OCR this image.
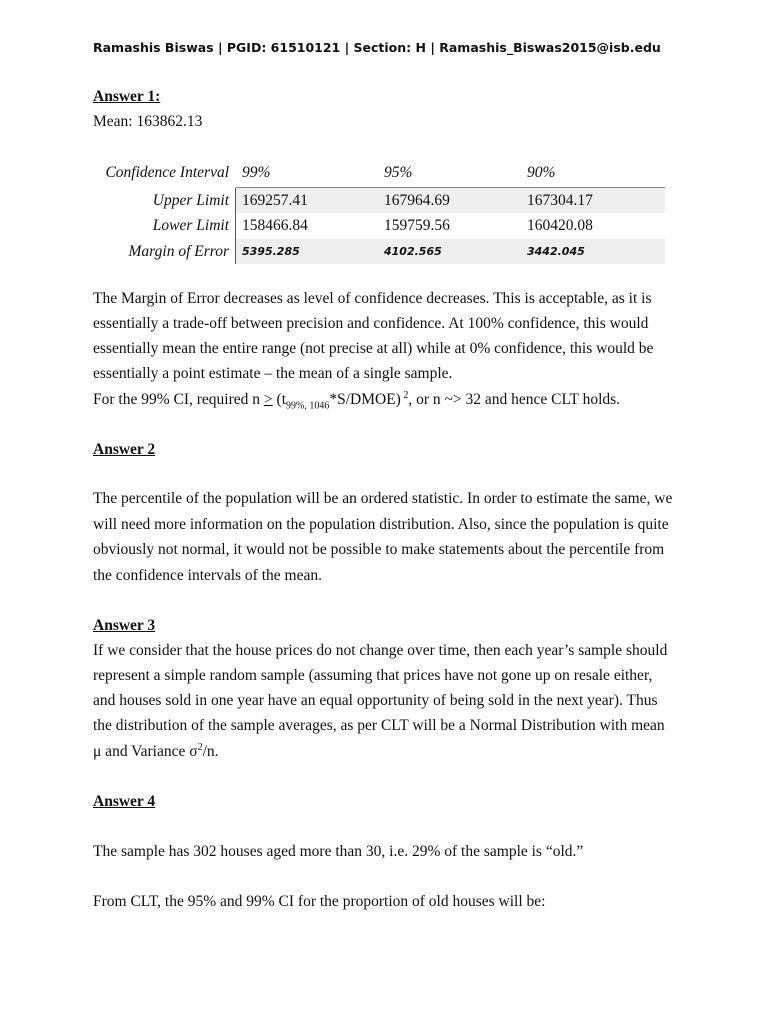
Ramashis Biswas | PGID: 61510121 | Section: H | Ramashis_Biswas2015@isb.edu
Answer 1:
Mean: 163862.13
Confidence Interval 99%	95%	90%
Upper Limit 169257.41	167964.69	167304.17
Lower Limit 158466.84	159759.56	160420.08
Margin of Error	5395.285	4102.565	3442.045
The Margin of Error decreases as level of confidence decreases. This is acceptable, as it is
essentially a trade-off between precision and confidence. At 100% confidence, this would
essentially mean the entire range (not precise at all) while at 0% confidence, this would be
essentially a point estimate – the mean of a single sample.
For the 99% CI, required $n > (t_{99\%, 1046}*S/DMOE)$ $^2$, or n ~> 32 and hence CLT holds.
Answer 2
The percentile of the population will be an ordered statistic. In order to estimate the same, we
will need more information on the population distribution. Also, since the population is quite
obviously not normal, it would not be possible to make statements about the percentile from
the confidence intervals of the mean.
Answer 3
If we consider that the house prices do not change over time, then each year’s sample should
represent a simple random sample (assuming that prices have not gone up on resale either,
and houses sold in one year have an equal opportunity of being sold in the next year). Thus
the distribution of the sample averages, as per CLT will be a Normal Distribution with mean
μ and Variance $\sigma^2/n$.
Answer 4
The sample has 302 houses aged more than 30, i.e. 29% of the sample is “old.”
From CLT, the 95% and 99% CI for the proportion of old houses will be:
